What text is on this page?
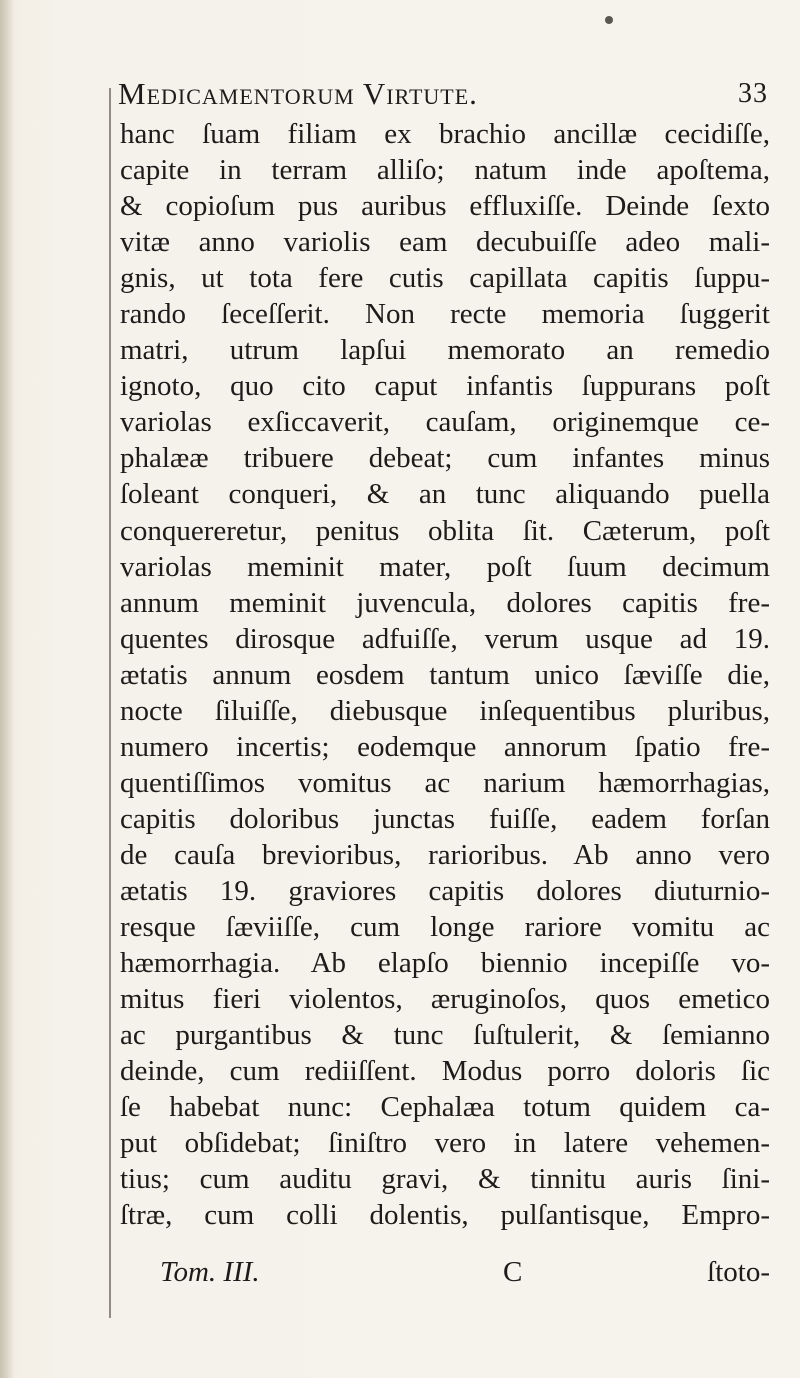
Medicamentorum Virtute.	33
hanc ſuam filiam ex brachio ancillæ cecidiſſe,
capite in terram alliſo; natum inde apoſtema,
& copioſum pus auribus effluxiſſe. Deinde ſexto
vitæ anno variolis eam decubuiſſe adeo mali-
gnis, ut tota fere cutis capillata capitis ſuppu-
rando ſeceſſerit. Non recte memoria ſuggerit
matri, utrum lapſui memorato an remedio
ignoto, quo cito caput infantis ſuppurans poſt
variolas exſiccaverit, cauſam, originemque ce-
phalææ tribuere debeat; cum infantes minus
ſoleant conqueri, & an tunc aliquando puella
conquereretur, penitus oblita ſit. Cæterum, poſt
variolas meminit mater, poſt ſuum decimum
annum meminit juvencula, dolores capitis fre-
quentes dirosque adfuiſſe, verum usque ad 19.
ætatis annum eosdem tantum unico ſæviſſe die,
nocte ſiluiſſe, diebusque inſequentibus pluribus,
numero incertis; eodemque annorum ſpatio fre-
quentiſſimos vomitus ac narium hæmorrhagias,
capitis doloribus junctas fuiſſe, eadem forſan
de cauſa brevioribus, rarioribus. Ab anno vero
ætatis 19. graviores capitis dolores diuturnio-
resque ſæviiſſe, cum longe rariore vomitu ac
hæmorrhagia. Ab elapſo biennio incepiſſe vo-
mitus fieri violentos, æruginoſos, quos emetico
ac purgantibus & tunc ſuſtulerit, & ſemianno
deinde, cum rediiſſent. Modus porro doloris ſic
ſe habebat nunc: Cephalæa totum quidem ca-
put obſidebat; ſiniſtro vero in latere vehemen-
tius; cum auditu gravi, & tinnitu auris ſini-
ſtræ, cum colli dolentis, pulſantisque, Empro-
Tom. III.	C	ſtoto-
